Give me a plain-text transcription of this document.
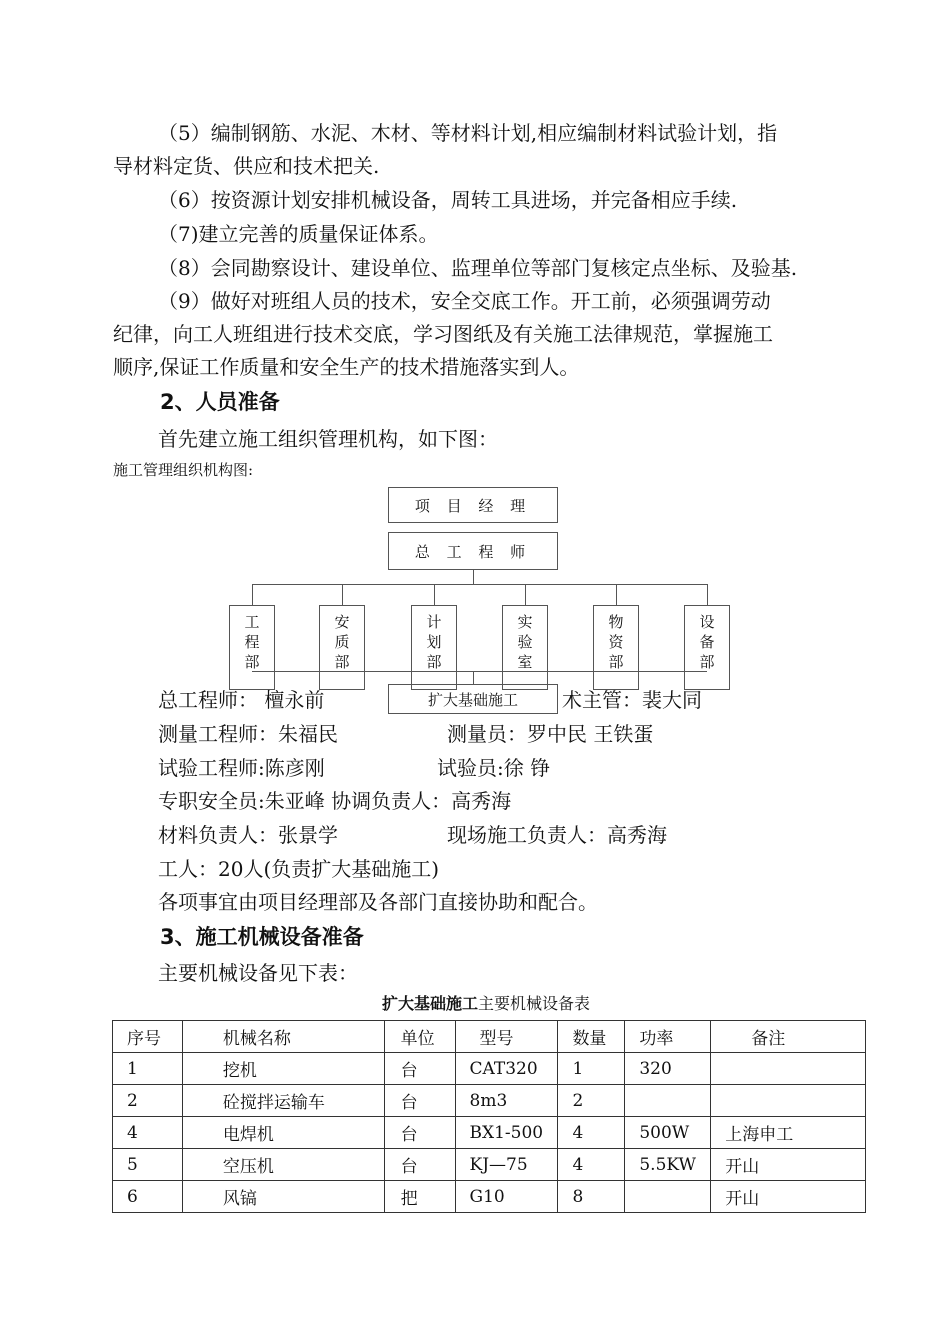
（5）编制钢筋、水泥、木材、等材料计划,相应编制材料试验计划，指
导材料定货、供应和技术把关.
（6）按资源计划安排机械设备，周转工具进场，并完备相应手续.
（7)建立完善的质量保证体系。
（8）会同勘察设计、建设单位、监理单位等部门复核定点坐标、及验基.
（9）做好对班组人员的技术，安全交底工作。开工前，必须强调劳动
纪律，向工人班组进行技术交底，学习图纸及有关施工法律规范，掌握施工
顺序,保证工作质量和安全生产的技术措施落实到人。
2、人员准备
首先建立施工组织管理机构，如下图：
施工管理组织机构图:
项 目 经 理
总 工 程 师
工
程
部
安
质
部
计
划
部
实
验
室
物
资
部
设
备
部
扩大基础施工
总工程师： 檀永前	术主管：裴大同
测量工程师：朱福民	测量员：罗中民 王铁蛋
试验工程师:陈彦刚	试验员:徐 铮
专职安全员:朱亚峰 协调负责人：高秀海
材料负责人：张景学	现场施工负责人：高秀海
工人：20人(负责扩大基础施工)
各项事宜由项目经理部及各部门直接协助和配合。
3、施工机械设备准备
主要机械设备见下表：
扩大基础施工主要机械设备表
序号	机械名称	单位	型号	数量	功率	备注
1	挖机	台	CAT320	1	320	
2	砼搅拌运输车	台	8m3	2		
4	电焊机	台	BX1-500	4	500W	上海申工
5	空压机	台	KJ—75	4	5.5KW	开山
6	风镐	把	G10	8		开山
